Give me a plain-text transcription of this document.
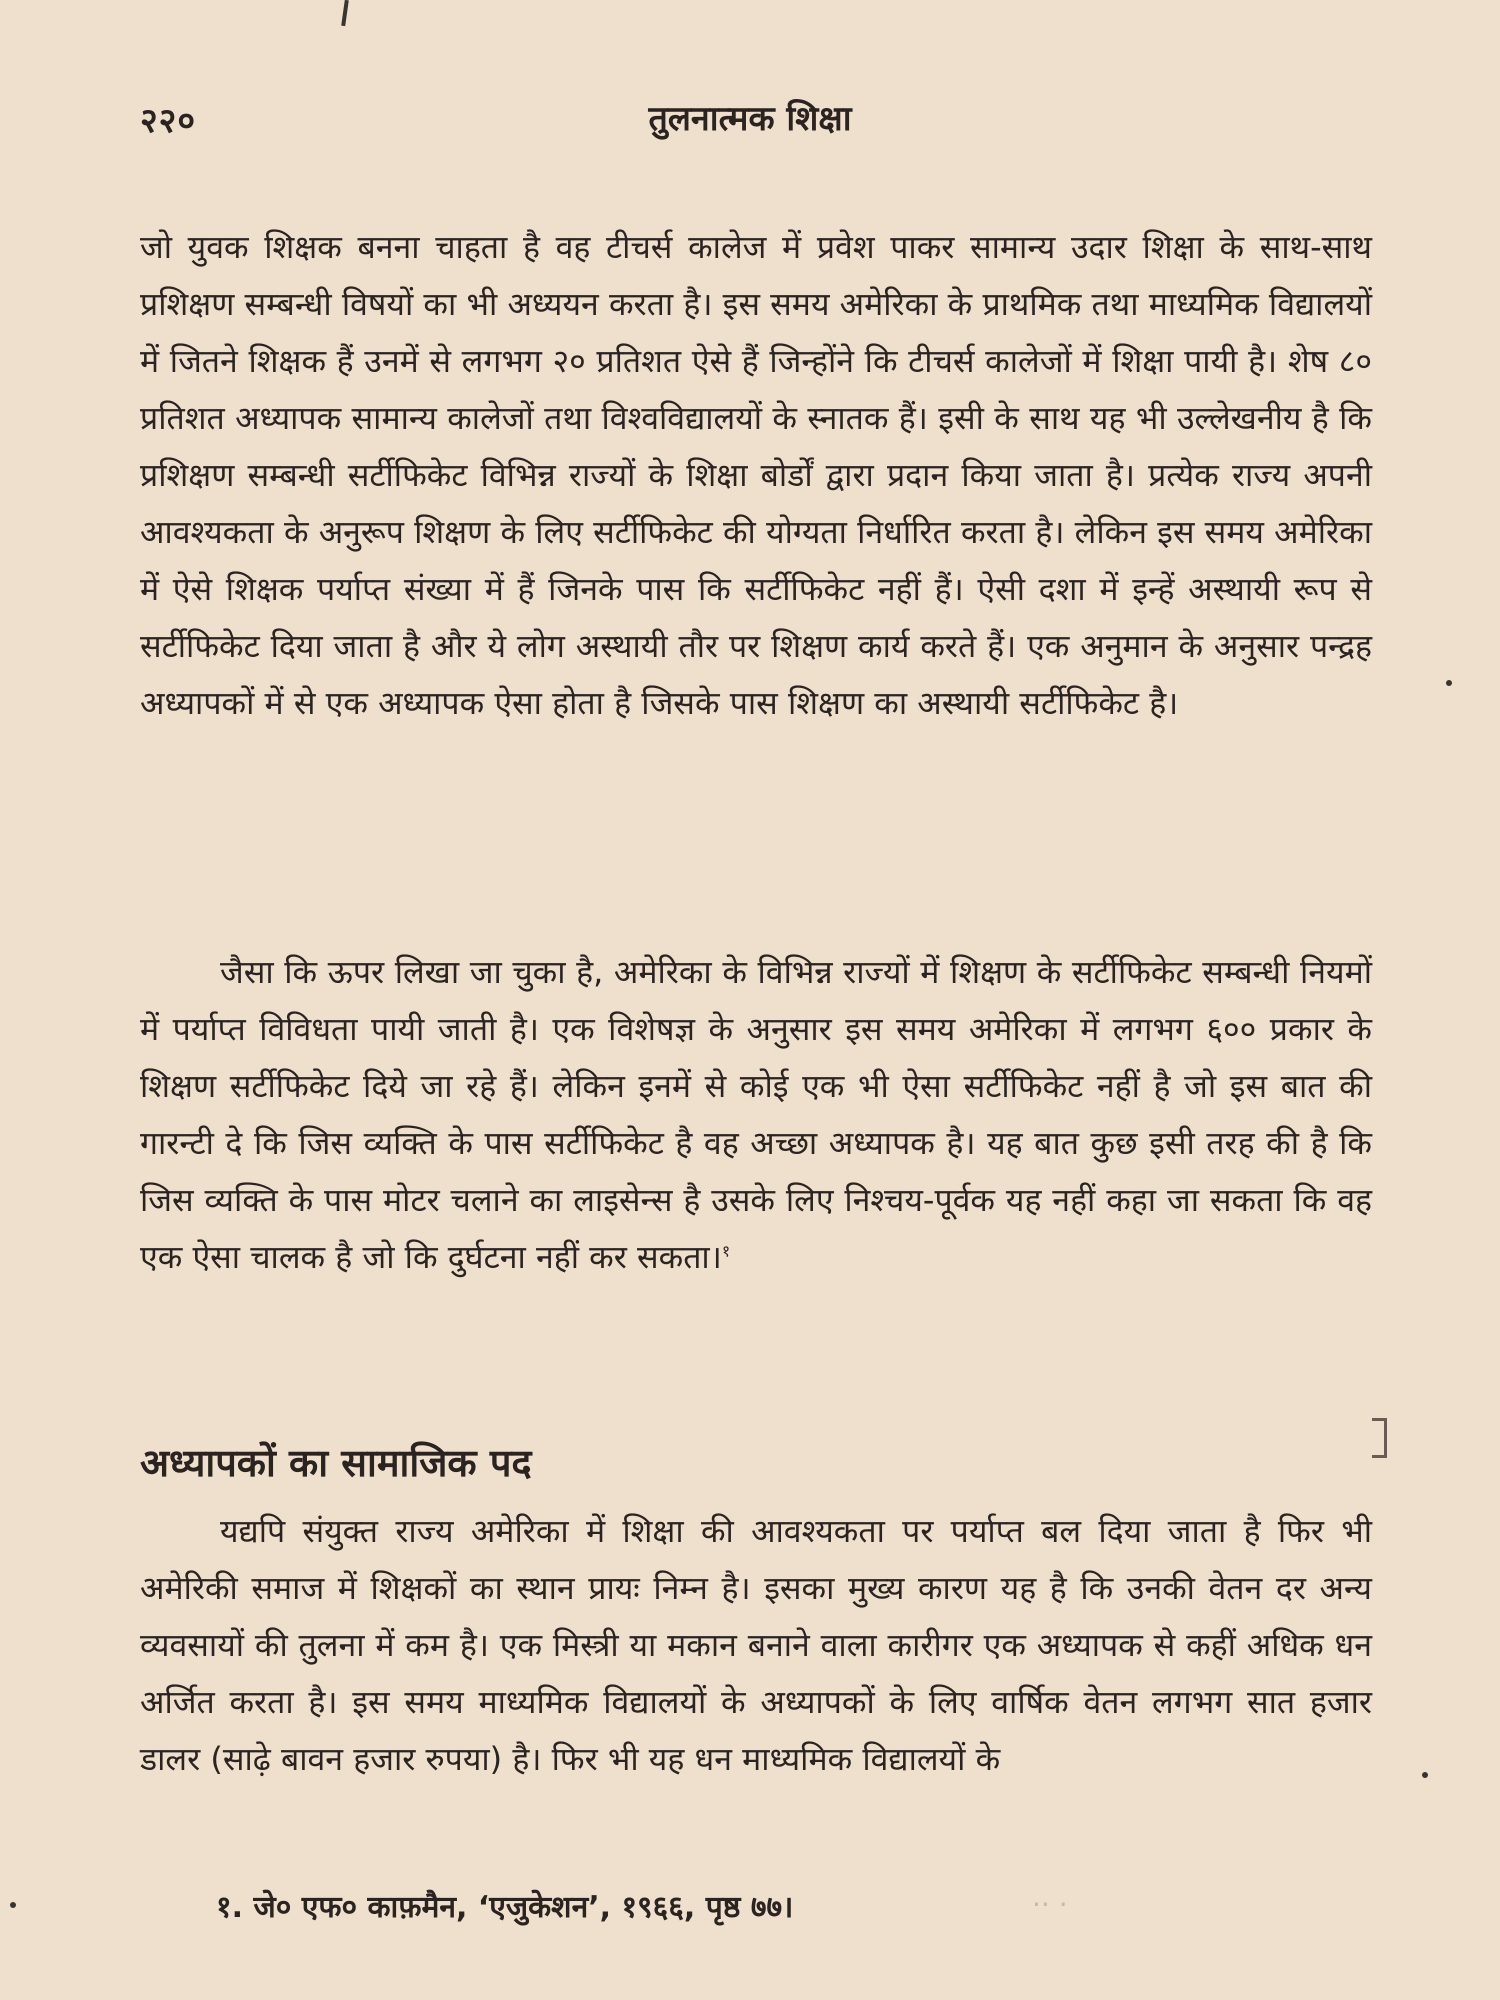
२२०	तुलनात्मक शिक्षा

जो युवक शिक्षक बनना चाहता है वह टीचर्स कालेज में प्रवेश पाकर सामान्य उदार शिक्षा के साथ-साथ प्रशिक्षण सम्बन्धी विषयों का भी अध्ययन करता है। इस समय अमेरिका के प्राथमिक तथा माध्यमिक विद्यालयों में जितने शिक्षक हैं उनमें से लगभग २० प्रतिशत ऐसे हैं जिन्होंने कि टीचर्स कालेजों में शिक्षा पायी है। शेष ८० प्रतिशत अध्यापक सामान्य कालेजों तथा विश्वविद्यालयों के स्नातक हैं। इसी के साथ यह भी उल्लेखनीय है कि प्रशिक्षण सम्बन्धी सर्टीफिकेट विभिन्न राज्यों के शिक्षा बोर्डों द्वारा प्रदान किया जाता है। प्रत्येक राज्य अपनी आवश्यकता के अनुरूप शिक्षण के लिए सर्टीफिकेट की योग्यता निर्धारित करता है। लेकिन इस समय अमेरिका में ऐसे शिक्षक पर्याप्त संख्या में हैं जिनके पास कि सर्टीफिकेट नहीं हैं। ऐसी दशा में इन्हें अस्थायी रूप से सर्टीफिकेट दिया जाता है और ये लोग अस्थायी तौर पर शिक्षण कार्य करते हैं। एक अनुमान के अनुसार पन्द्रह अध्यापकों में से एक अध्यापक ऐसा होता है जिसके पास शिक्षण का अस्थायी सर्टीफिकेट है।

जैसा कि ऊपर लिखा जा चुका है, अमेरिका के विभिन्न राज्यों में शिक्षण के सर्टीफिकेट सम्बन्धी नियमों में पर्याप्त विविधता पायी जाती है। एक विशेषज्ञ के अनुसार इस समय अमेरिका में लगभग ६०० प्रकार के शिक्षण सर्टीफिकेट दिये जा रहे हैं। लेकिन इनमें से कोई एक भी ऐसा सर्टीफिकेट नहीं है जो इस बात की गारन्टी दे कि जिस व्यक्ति के पास सर्टीफिकेट है वह अच्छा अध्यापक है। यह बात कुछ इसी तरह की है कि जिस व्यक्ति के पास मोटर चलाने का लाइसेन्स है उसके लिए निश्चय-पूर्वक यह नहीं कहा जा सकता कि वह एक ऐसा चालक है जो कि दुर्घटना नहीं कर सकता।$^१$

अध्यापकों का सामाजिक पद

यद्यपि संयुक्त राज्य अमेरिका में शिक्षा की आवश्यकता पर पर्याप्त बल दिया जाता है फिर भी अमेरिकी समाज में शिक्षकों का स्थान प्रायः निम्न है। इसका मुख्य कारण यह है कि उनकी वेतन दर अन्य व्यवसायों की तुलना में कम है। एक मिस्त्री या मकान बनाने वाला कारीगर एक अध्यापक से कहीं अधिक धन अर्जित करता है। इस समय माध्यमिक विद्यालयों के अध्यापकों के लिए वार्षिक वेतन लगभग सात हजार डालर (साढ़े बावन हजार रुपया) है। फिर भी यह धन माध्यमिक विद्यालयों के

१. जे० एफ० काफ़मैन, ‘एजुकेशन’, १९६६, पृष्ठ ७७।	·· ·
